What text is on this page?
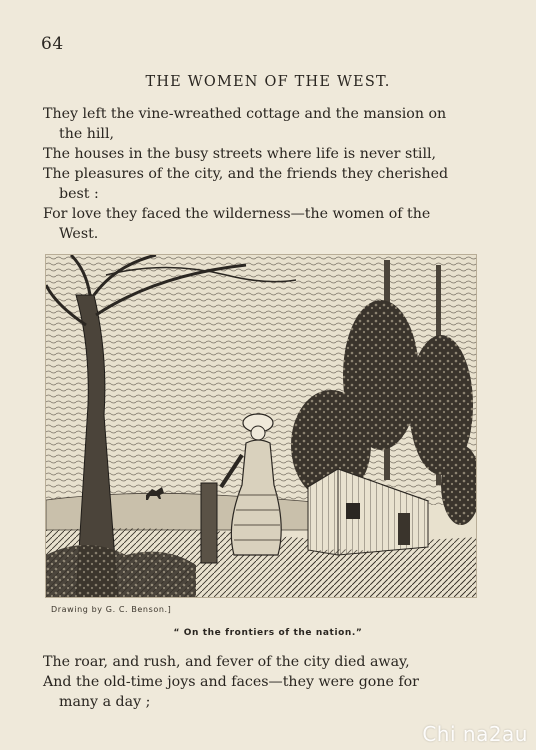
64
THE WOMEN OF THE WEST.
They left the vine-wreathed cottage and the mansion on
the hill,
The houses in the busy streets where life is never still,
The pleasures of the city, and the friends they cherished
best :
For love they faced the wilderness—the women of the
West.
Drawing by G. C. Benson.]
“ On the frontiers of the nation.”
The roar, and rush, and fever of the city died away,
And the old-time joys and faces—they were gone for
many a day ;
Chi na2au
